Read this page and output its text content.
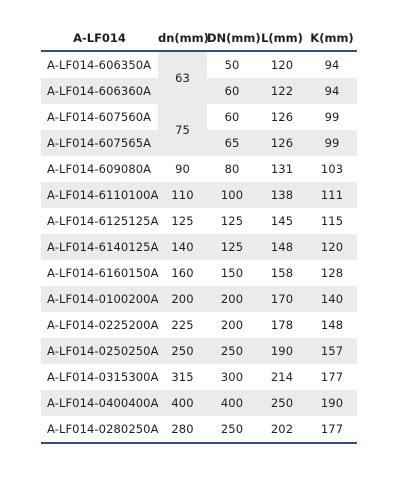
A-LF014	dn(mm)	DN(mm)	L(mm)	K(mm)
A-LF014-606350A	63	50	120	94
A-LF014-606360A		60	122	94
A-LF014-607560A	75	60	126	99
A-LF014-607565A		65	126	99
A-LF014-609080A	90	80	131	103
A-LF014-6110100A	110	100	138	111
A-LF014-6125125A	125	125	145	115
A-LF014-6140125A	140	125	148	120
A-LF014-6160150A	160	150	158	128
A-LF014-0100200A	200	200	170	140
A-LF014-0225200A	225	200	178	148
A-LF014-0250250A	250	250	190	157
A-LF014-0315300A	315	300	214	177
A-LF014-0400400A	400	400	250	190
A-LF014-0280250A	280	250	202	177
